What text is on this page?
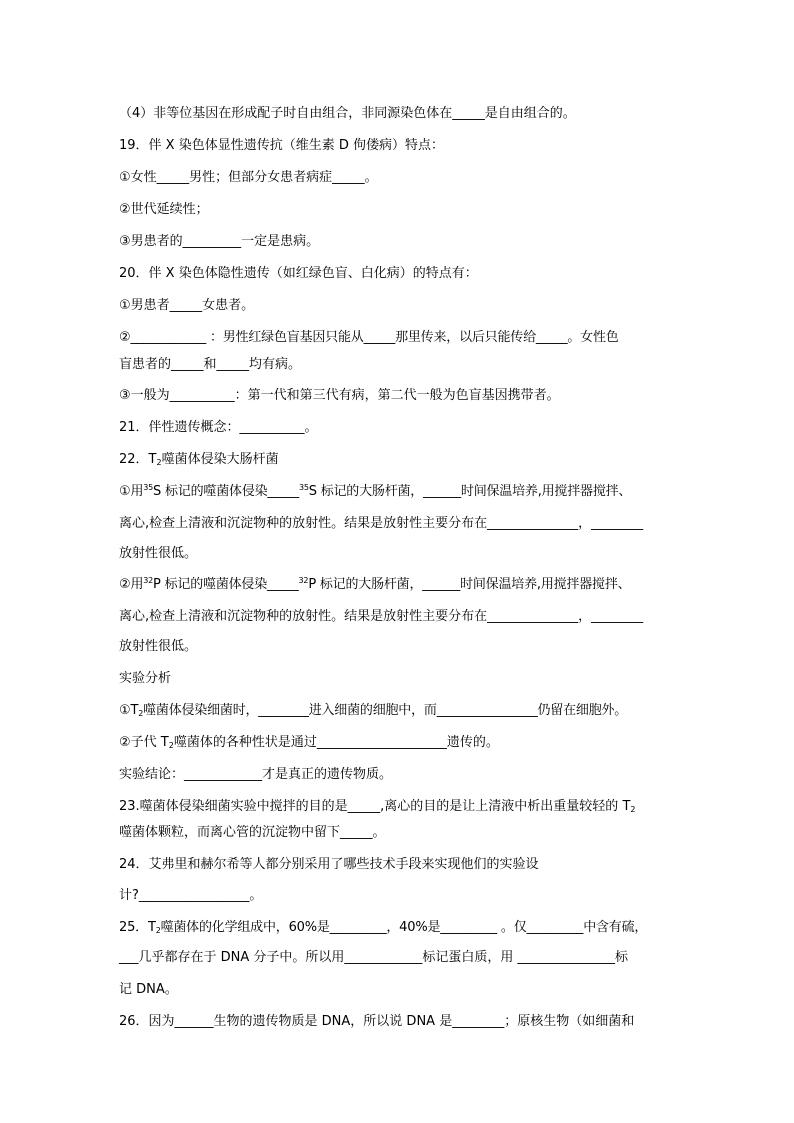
（4）非等位基因在形成配子时自由组合，非同源染色体在_____是自由组合的。
19．伴 X 染色体显性遗传抗（维生素 D 佝偻病）特点：
①女性_____男性；但部分女患者病症_____。
②世代延续性；
③男患者的_________一定是患病。
20．伴 X 染色体隐性遗传（如红绿色盲、白化病）的特点有：
①男患者_____女患者。
②____________ ：男性红绿色盲基因只能从_____那里传来，以后只能传给_____。女性色
盲患者的_____和_____均有病。
③一般为__________：第一代和第三代有病，第二代一般为色盲基因携带者。
21．伴性遗传概念：__________。
22．$T_2$噬菌体侵染大肠杆菌
①用$^{35}$S 标记的噬菌体侵染_____$^{35}$S 标记的大肠杆菌，______时间保温培养,用搅拌器搅拌、
离心,检查上清液和沉淀物种的放射性。结果是放射性主要分布在______________，________
放射性很低。
②用$^{32}$P 标记的噬菌体侵染_____$^{32}$P 标记的大肠杆菌，______时间保温培养,用搅拌器搅拌、
离心,检查上清液和沉淀物种的放射性。结果是放射性主要分布在______________，________
放射性很低。
实验分析
$①T_2$噬菌体侵染细菌时，________进入细菌的细胞中，而________________仍留在细胞外。
②子代 $T_2$噬菌体的各种性状是通过____________________遗传的。
实验结论：____________才是真正的遗传物质。
23.噬菌体侵染细菌实验中搅拌的目的是_____,离心的目的是让上清液中析出重量较轻的 $T_2$
噬菌体颗粒，而离心管的沉淀物中留下_____。
24．艾弗里和赫尔希等人都分别采用了哪些技术手段来实现他们的实验设
计?_________________。
25．$T_2$噬菌体的化学组成中，60%是_________，40%是_________ 。仅_________中含有硫，
___几乎都存在于 DNA 分子中。所以用____________标记蛋白质，用 _______________标
记 DNA。
26．因为______生物的遗传物质是 DNA，所以说 DNA 是________；原核生物（如细菌和
